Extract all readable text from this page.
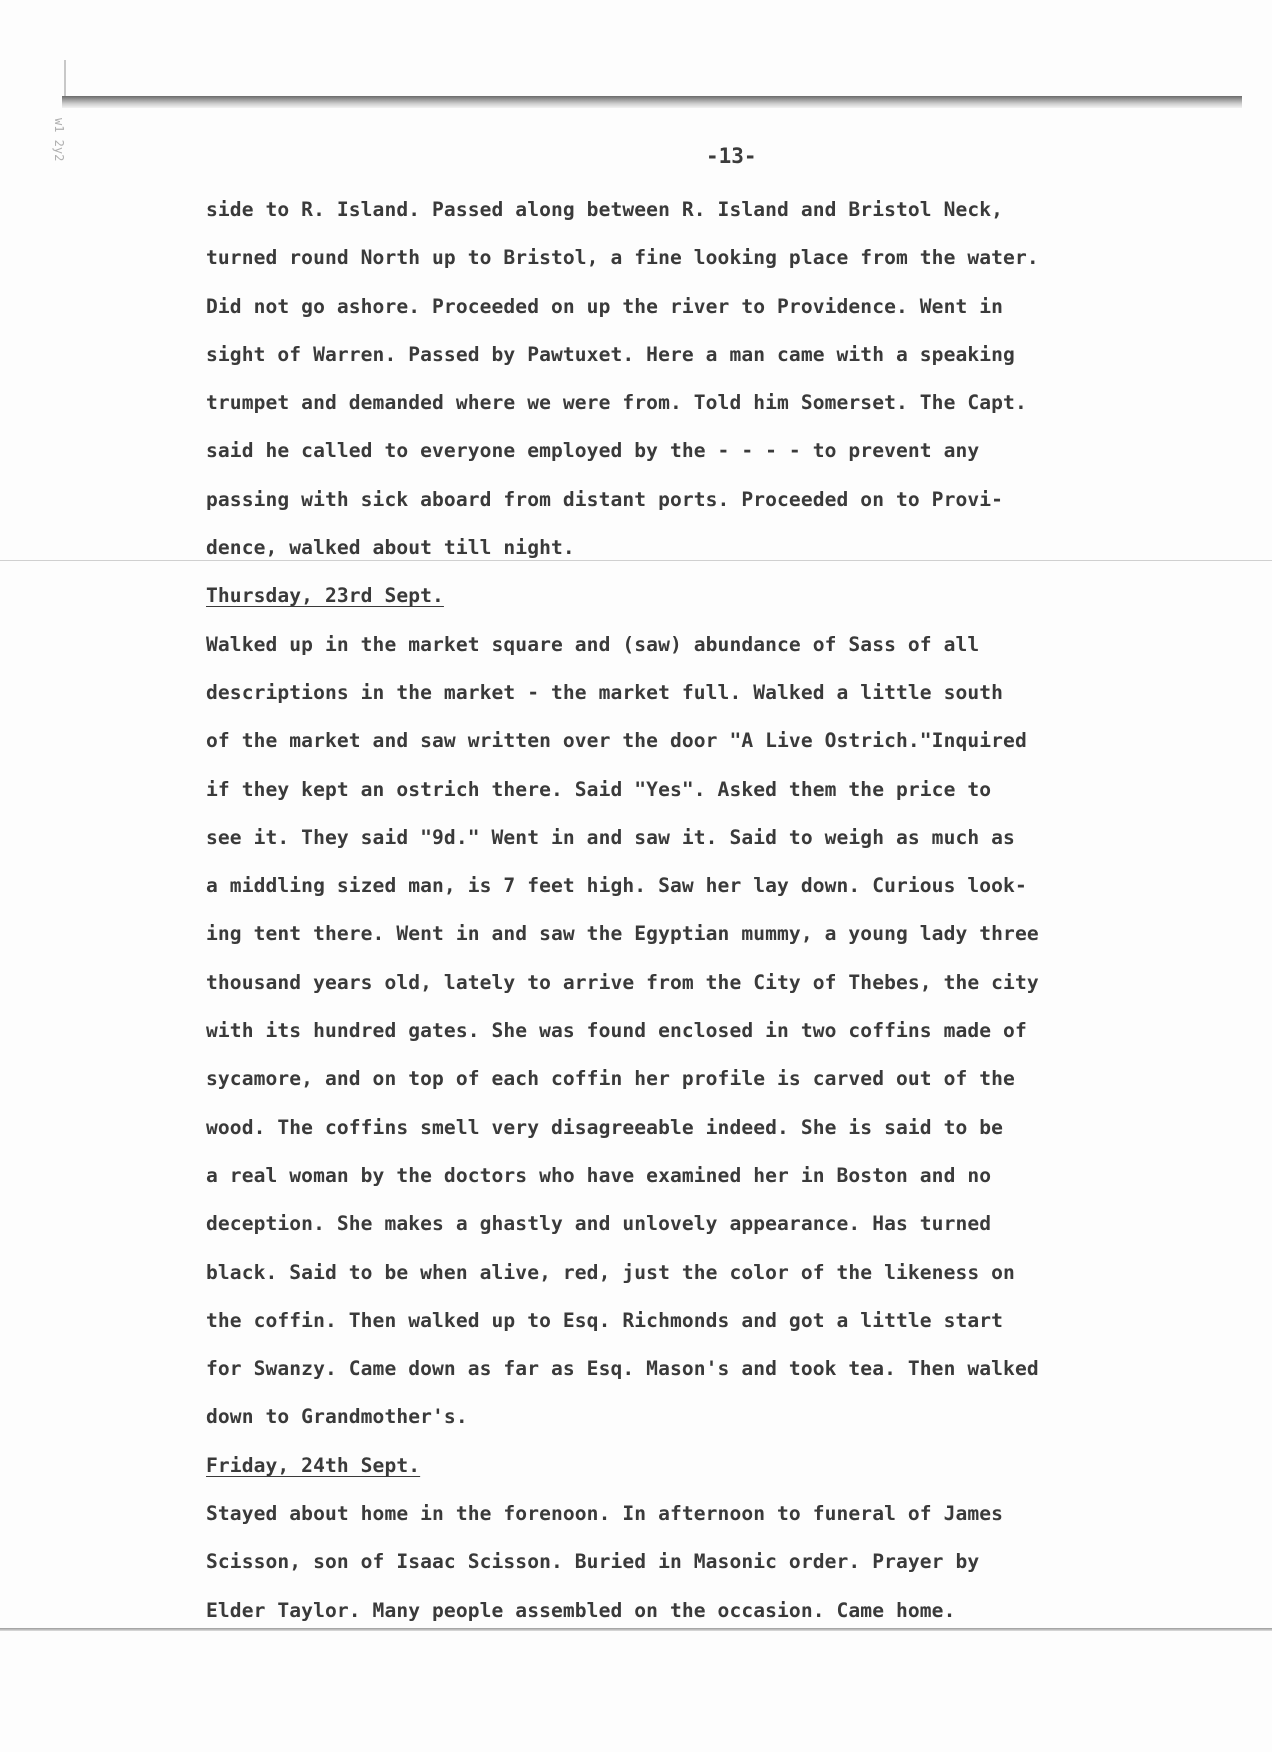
w1 2y2	-13-
side to R. Island. Passed along between R. Island and Bristol Neck,
turned round North up to Bristol, a fine looking place from the water.
Did not go ashore. Proceeded on up the river to Providence. Went in
sight of Warren. Passed by Pawtuxet. Here a man came with a speaking
trumpet and demanded where we were from. Told him Somerset. The Capt.
said he called to everyone employed by the - - - - to prevent any
passing with sick aboard from distant ports. Proceeded on to Provi-
dence, walked about till night.
Thursday, 23rd Sept.
Walked up in the market square and (saw) abundance of Sass of all
descriptions in the market - the market full. Walked a little south
of the market and saw written over the door "A Live Ostrich."Inquired
if they kept an ostrich there. Said "Yes". Asked them the price to
see it. They said "9d." Went in and saw it. Said to weigh as much as
a middling sized man, is 7 feet high. Saw her lay down. Curious look-
ing tent there. Went in and saw the Egyptian mummy, a young lady three
thousand years old, lately to arrive from the City of Thebes, the city
with its hundred gates. She was found enclosed in two coffins made of
sycamore, and on top of each coffin her profile is carved out of the
wood. The coffins smell very disagreeable indeed. She is said to be
a real woman by the doctors who have examined her in Boston and no
deception. She makes a ghastly and unlovely appearance. Has turned
black. Said to be when alive, red, just the color of the likeness on
the coffin. Then walked up to Esq. Richmonds and got a little start
for Swanzy. Came down as far as Esq. Mason's and took tea. Then walked
down to Grandmother's.
Friday, 24th Sept.
Stayed about home in the forenoon. In afternoon to funeral of James
Scisson, son of Isaac Scisson. Buried in Masonic order. Prayer by
Elder Taylor. Many people assembled on the occasion. Came home.
